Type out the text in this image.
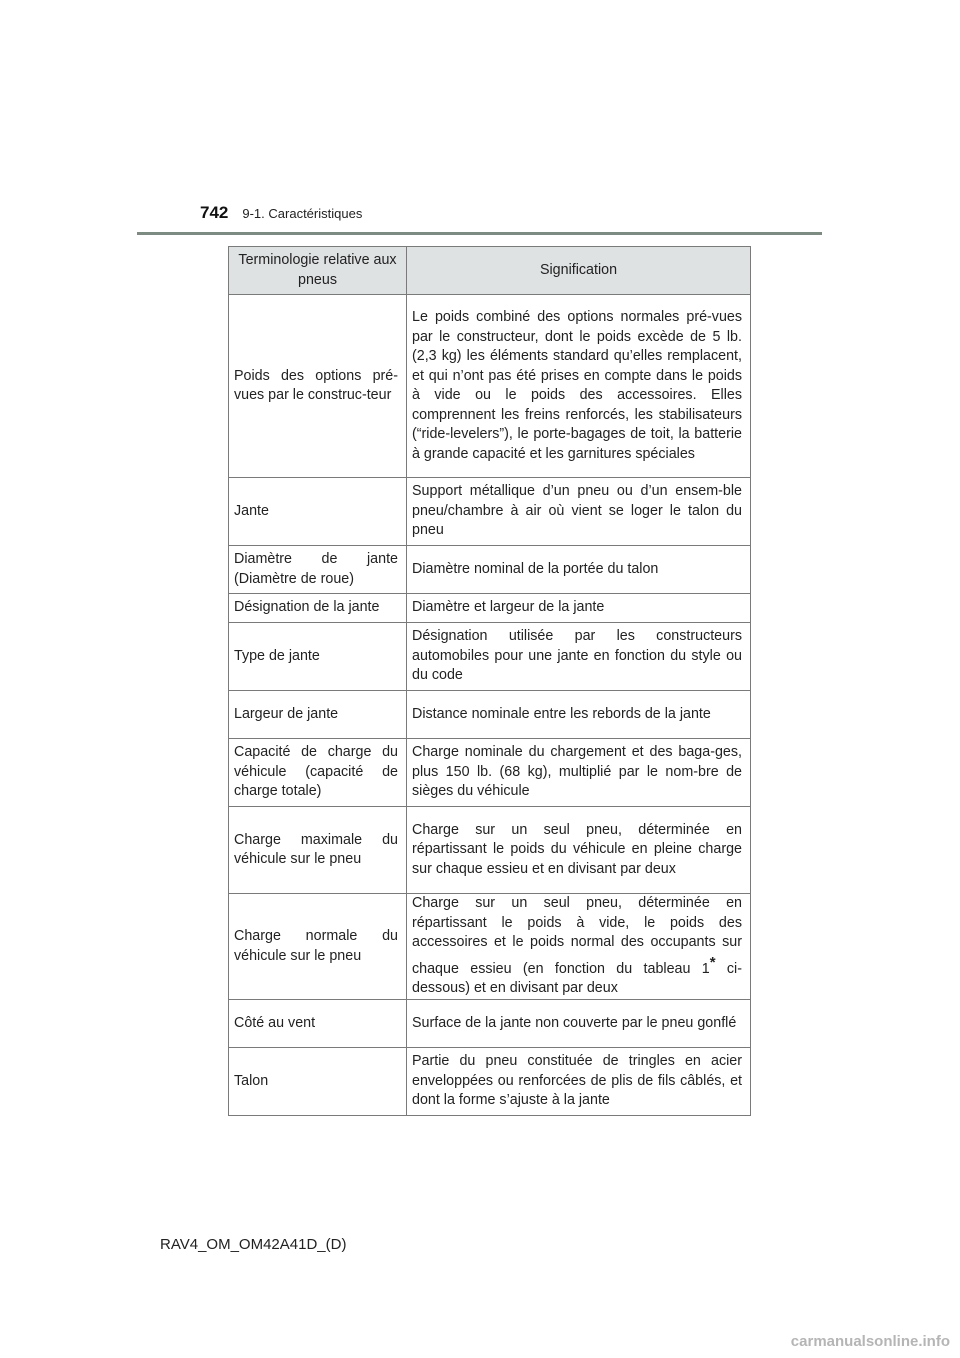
742 9-1. Caractéristiques
Terminologie relative aux pneus	Signification
Poids des options pré-vues par le construc-teur	Le poids combiné des options normales pré-vues par le constructeur, dont le poids excède de 5 lb. (2,3 kg) les éléments standard qu’elles remplacent, et qui n’ont pas été prises en compte dans le poids à vide ou le poids des accessoires. Elles comprennent les freins renforcés, les stabilisateurs (“ride-levelers”), le porte-bagages de toit, la batterie à grande capacité et les garnitures spéciales
Jante	Support métallique d’un pneu ou d’un ensem-ble pneu/chambre à air où vient se loger le talon du pneu
Diamètre de jante (Diamètre de roue)	Diamètre nominal de la portée du talon
Désignation de la jante	Diamètre et largeur de la jante
Type de jante	Désignation utilisée par les constructeurs automobiles pour une jante en fonction du style ou du code
Largeur de jante	Distance nominale entre les rebords de la jante
Capacité de charge du véhicule (capacité de charge totale)	Charge nominale du chargement et des baga-ges, plus 150 lb. (68 kg), multiplié par le nom-bre de sièges du véhicule
Charge maximale du véhicule sur le pneu	Charge sur un seul pneu, déterminée en répartissant le poids du véhicule en pleine charge sur chaque essieu et en divisant par deux
Charge normale du véhicule sur le pneu	Charge sur un seul pneu, déterminée en répartissant le poids à vide, le poids des accessoires et le poids normal des occupants sur chaque essieu (en fonction du tableau 1* ci-dessous) et en divisant par deux
Côté au vent	Surface de la jante non couverte par le pneu gonflé
Talon	Partie du pneu constituée de tringles en acier enveloppées ou renforcées de plis de fils câblés, et dont la forme s’ajuste à la jante
RAV4_OM_OM42A41D_(D)
carmanualsonline.info
